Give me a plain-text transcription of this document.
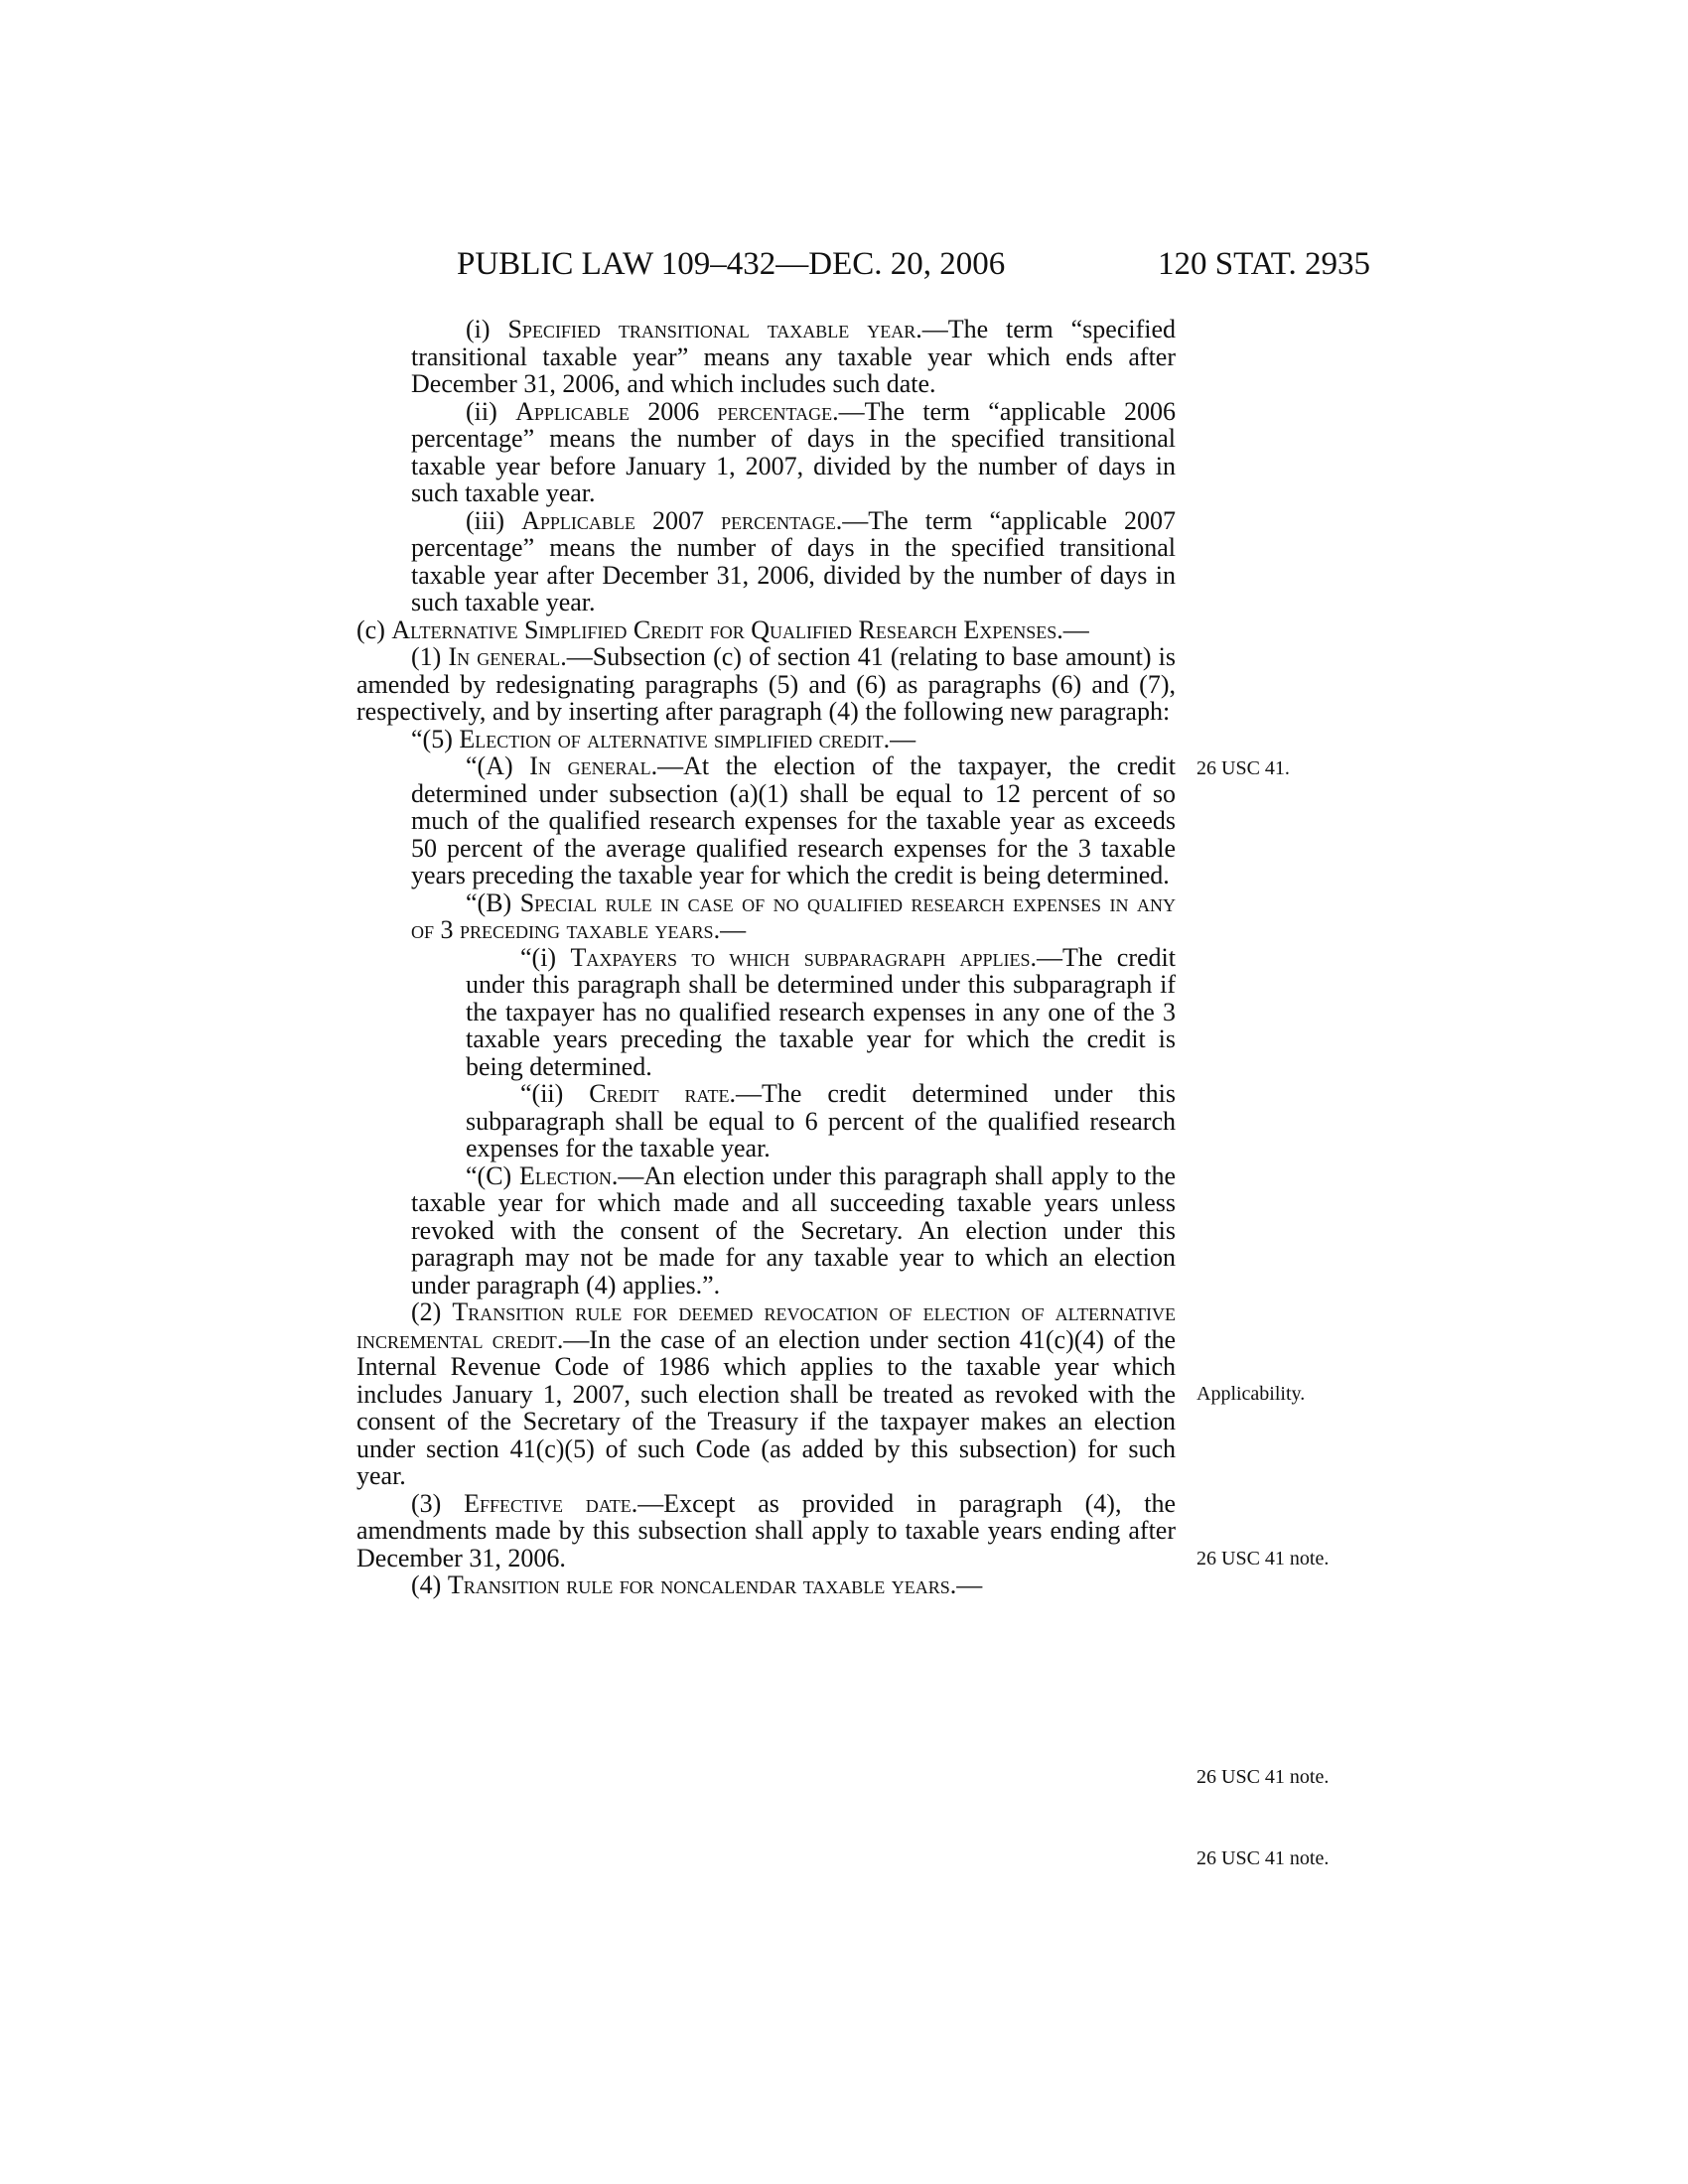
PUBLIC LAW 109–432—DEC. 20, 2006	120 STAT. 2935

(i) Specified transitional taxable year.—The term “specified transitional taxable year” means any taxable year which ends after December 31, 2006, and which includes such date.

(ii) Applicable 2006 percentage.—The term “applicable 2006 percentage” means the number of days in the specified transitional taxable year before January 1, 2007, divided by the number of days in such taxable year.

(iii) Applicable 2007 percentage.—The term “applicable 2007 percentage” means the number of days in the specified transitional taxable year after December 31, 2006, divided by the number of days in such taxable year.

(c) Alternative Simplified Credit for Qualified Research Expenses.—

(1) In general.—Subsection (c) of section 41 (relating to base amount) is amended by redesignating paragraphs (5) and (6) as paragraphs (6) and (7), respectively, and by inserting after paragraph (4) the following new paragraph:

“(5) Election of alternative simplified credit.—

“(A) In general.—At the election of the taxpayer, the credit determined under subsection (a)(1) shall be equal to 12 percent of so much of the qualified research expenses for the taxable year as exceeds 50 percent of the average qualified research expenses for the 3 taxable years preceding the taxable year for which the credit is being determined.

“(B) Special rule in case of no qualified research expenses in any of 3 preceding taxable years.—

“(i) Taxpayers to which subparagraph applies.—The credit under this paragraph shall be determined under this subparagraph if the taxpayer has no qualified research expenses in any one of the 3 taxable years preceding the taxable year for which the credit is being determined.

“(ii) Credit rate.—The credit determined under this subparagraph shall be equal to 6 percent of the qualified research expenses for the taxable year.

“(C) Election.—An election under this paragraph shall apply to the taxable year for which made and all succeeding taxable years unless revoked with the consent of the Secretary. An election under this paragraph may not be made for any taxable year to which an election under paragraph (4) applies.”.

(2) Transition rule for deemed revocation of election of alternative incremental credit.—In the case of an election under section 41(c)(4) of the Internal Revenue Code of 1986 which applies to the taxable year which includes January 1, 2007, such election shall be treated as revoked with the consent of the Secretary of the Treasury if the taxpayer makes an election under section 41(c)(5) of such Code (as added by this subsection) for such year.

(3) Effective date.—Except as provided in paragraph (4), the amendments made by this subsection shall apply to taxable years ending after December 31, 2006.

(4) Transition rule for noncalendar taxable years.—

26 USC 41.
Applicability.
26 USC 41 note.
26 USC 41 note.
26 USC 41 note.
